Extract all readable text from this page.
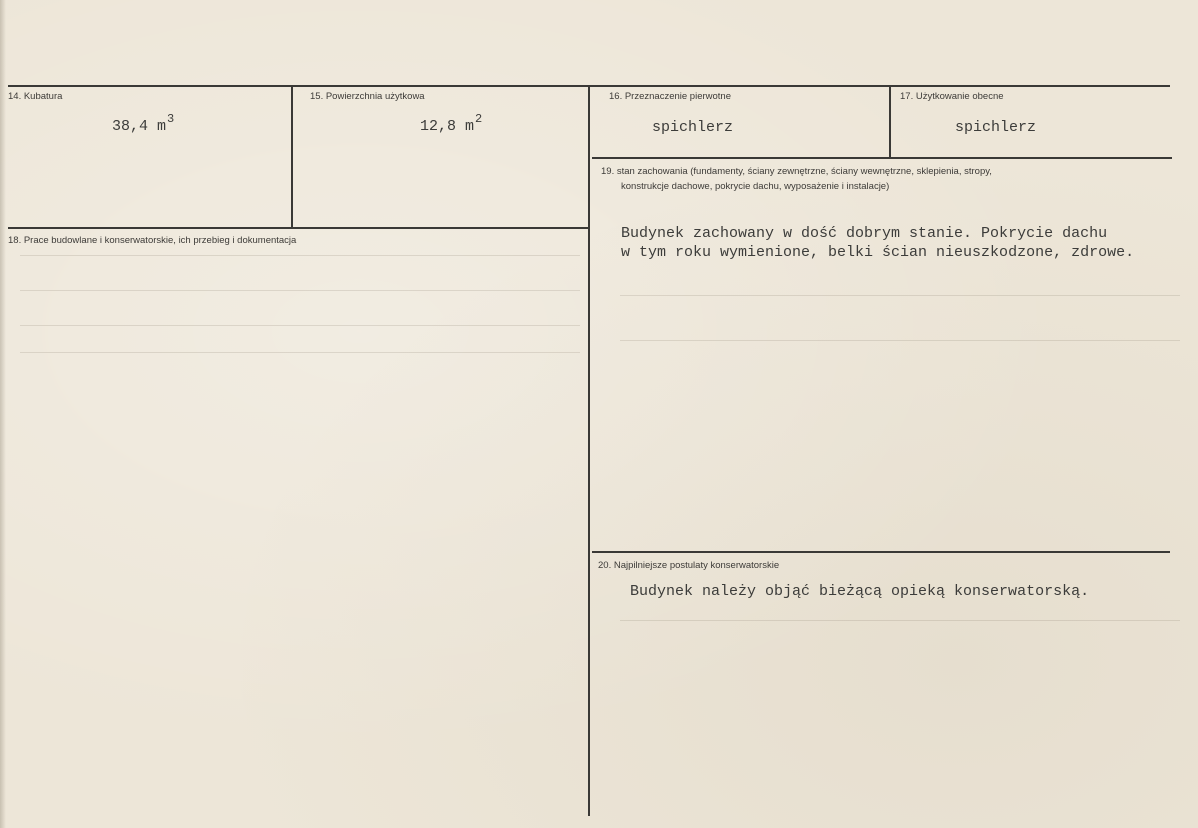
14. Kubatura
38,4 $m^3$
15. Powierzchnia użytkowa
12,8 $m^2$
16. Przeznaczenie pierwotne
spichlerz
17. Użytkowanie obecne
spichlerz
18. Prace budowlane i konserwatorskie, ich przebieg i dokumentacja
19. stan zachowania (fundamenty, ściany zewnętrzne, ściany wewnętrzne, sklepienia, stropy,
konstrukcje dachowe, pokrycie dachu, wyposażenie i instalacje)
Budynek zachowany w dość dobrym stanie. Pokrycie dachu
w tym roku wymienione, belki ścian nieuszkodzone, zdrowe.
20. Najpilniejsze postulaty konserwatorskie
Budynek należy objąć bieżącą opieką konserwatorską.
